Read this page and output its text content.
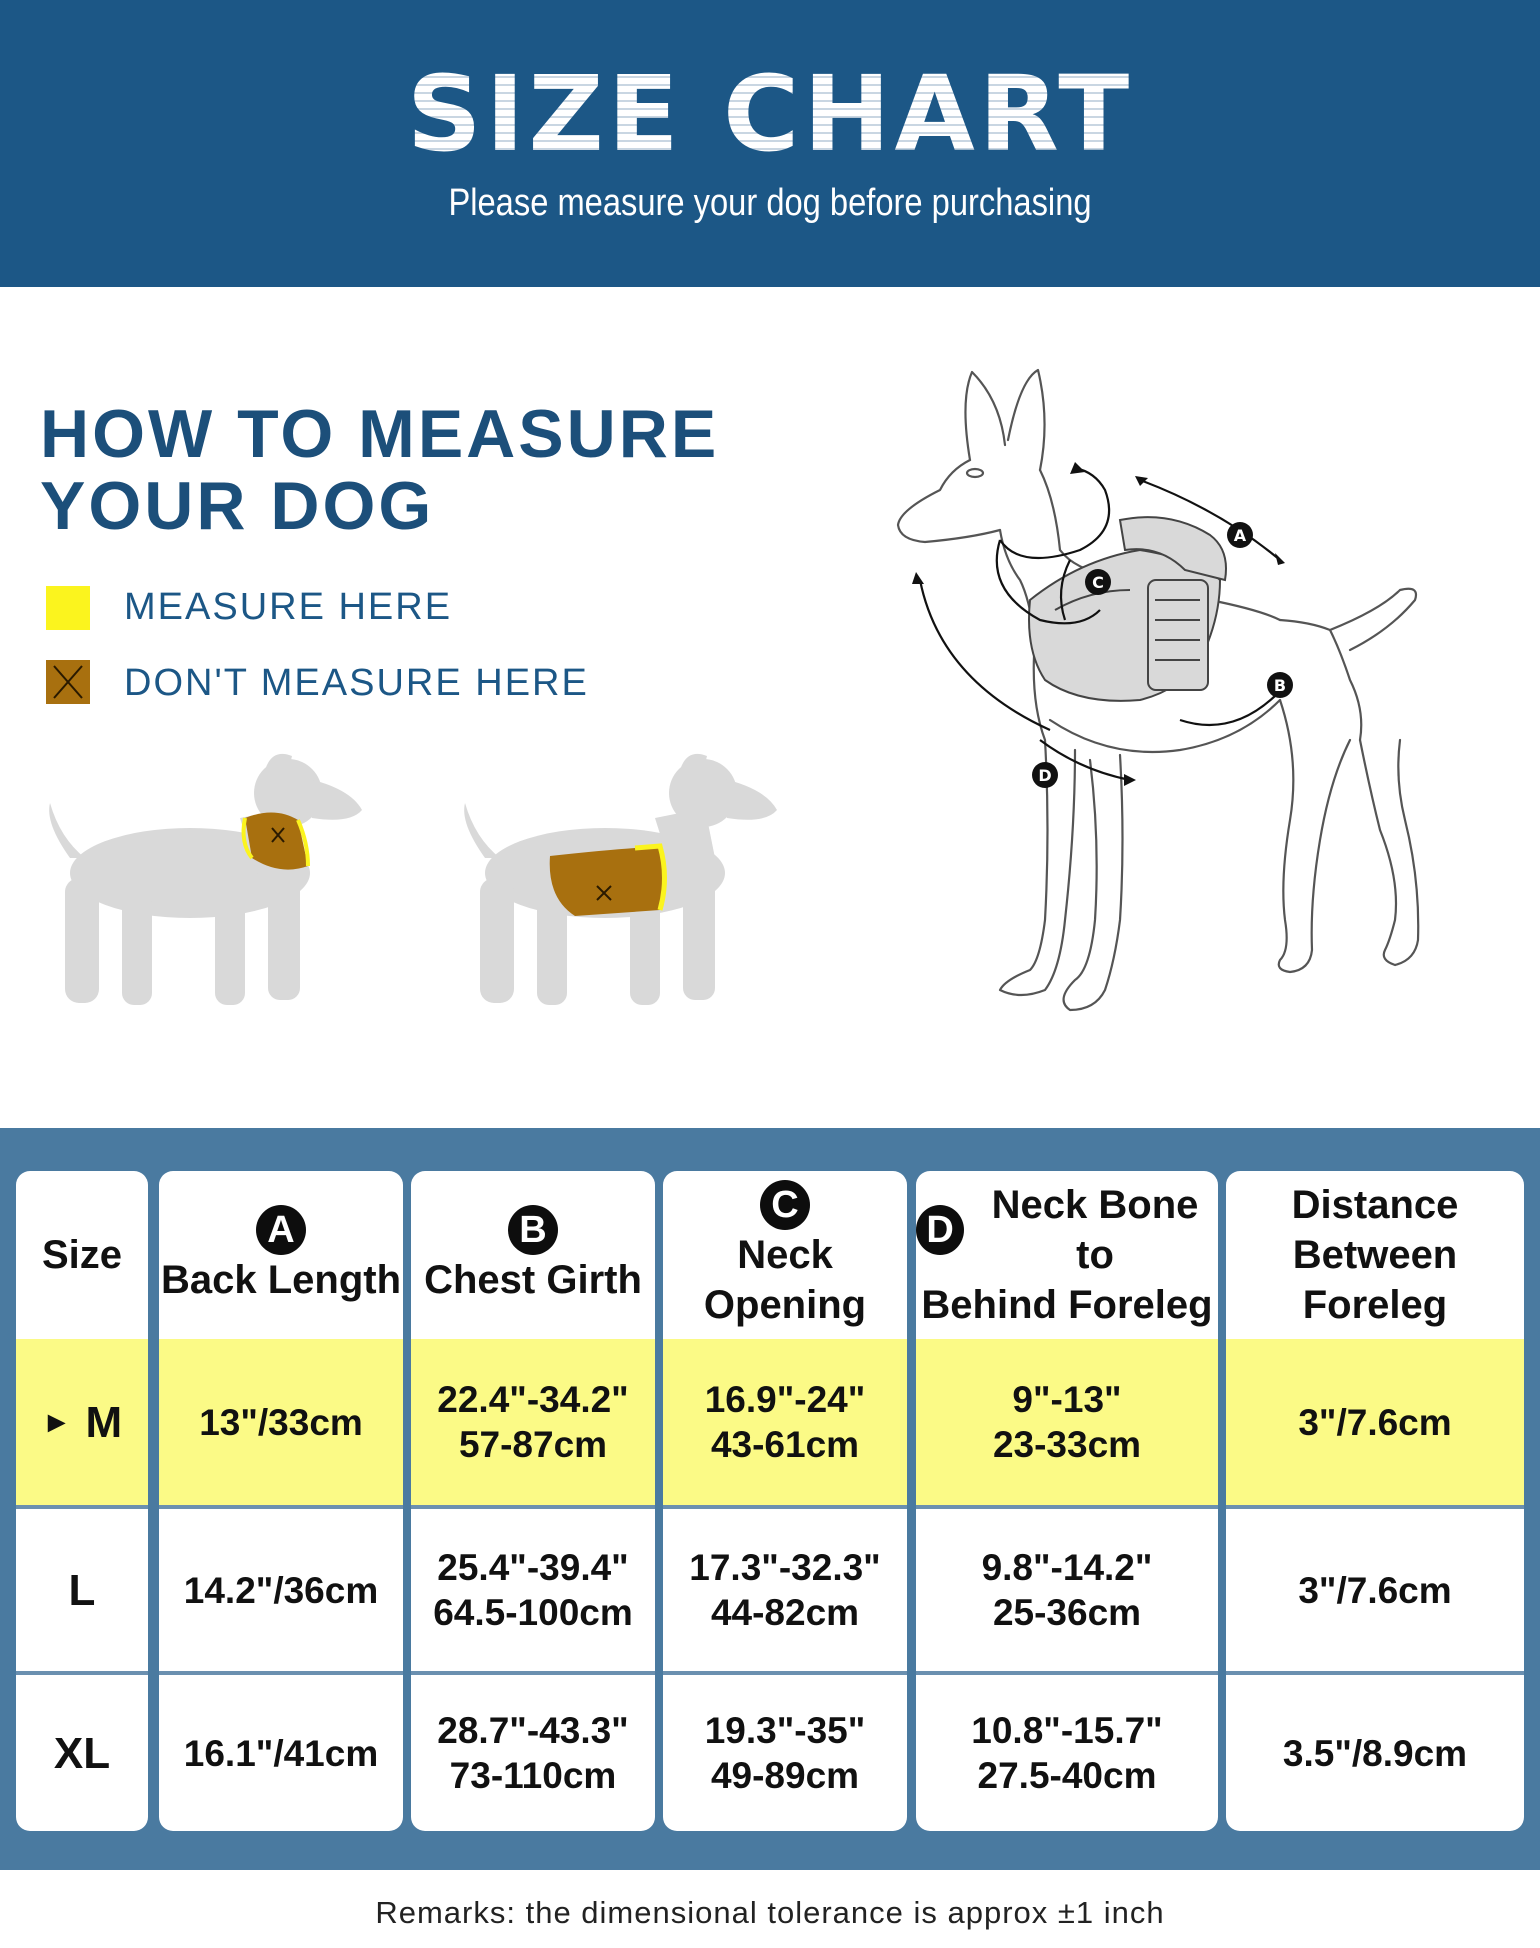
SIZE CHART
Please measure your dog before purchasing
HOW TO MEASURE
YOUR DOG
MEASURE HERE
DON'T MEASURE HERE
A
B
C
D
Size
► M
L
XL
A
Back Length
13"/33cm
14.2"/36cm
16.1"/41cm
B
Chest Girth
22.4"-34.2"
57-87cm
25.4"-39.4"
64.5-100cm
28.7"-43.3"
73-110cm
C
Neck Opening
16.9"-24"
43-61cm
17.3"-32.3"
44-82cm
19.3"-35"
49-89cm
D
Neck Bone to
Behind Foreleg
9"-13"
23-33cm
9.8"-14.2"
25-36cm
10.8"-15.7"
27.5-40cm
Distance Between
Foreleg
3"/7.6cm
3"/7.6cm
3.5"/8.9cm
Remarks: the dimensional tolerance is approx ±1 inch
